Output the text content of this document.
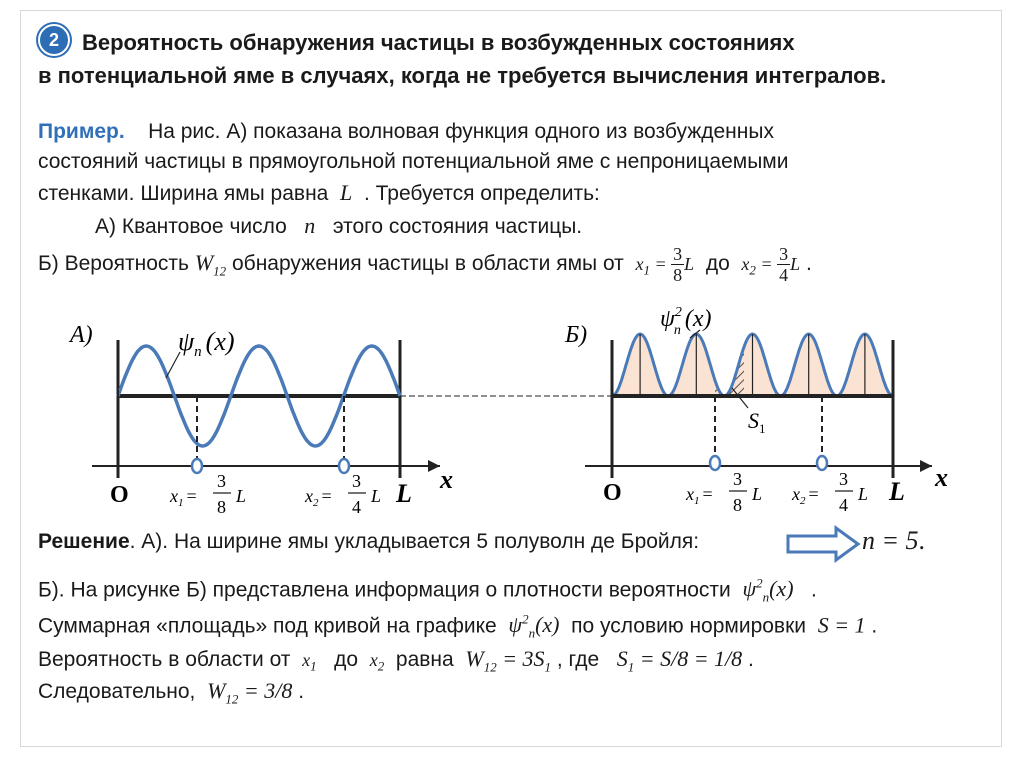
2	Вероятность обнаружения частицы в возбужденных состояниях
в потенциальной яме в случаях, когда не требуется вычисления интегралов.
Пример. На рис. А) показана волновая функция одного из возбужденных
состояний частицы в прямоугольной потенциальной яме с непроницаемыми
стенками. Ширина ямы равна L . Требуется определить:
А) Квантовое число n этого состояния частицы.
Б) Вероятность $W_{12}$ обнаружения частицы в области ямы от $x_1 = \frac{3}{8}$ L до $x_2 = \frac{3}{4}$ L .
А)	$\psi_n$ (x)
O	L x
$x_1$ =
3
8
L	$x_2$ =
3
4
L
Б)
$\psi^2$ n (x)
$S_1$
O	L x
$x_1$ =
3
8
L $x_2$ =
3
4
L
Решение. А). На ширине ямы укладывается 5 полуволн де Бройля:	n = 5.
Б). На рисунке Б) представлена информация о плотности вероятности $\psi^2_n(x)$ .
Суммарная «площадь» под кривой на графике $\psi^2_n(x)$ по условию нормировки S = 1 .
Вероятность в области от $x_1$ до $x_2$ равна $W_{12} = 3S_1$ , где $S_1 = S/8 = 1/8$ .
Следовательно, $W_{12} = 3/8$ .
